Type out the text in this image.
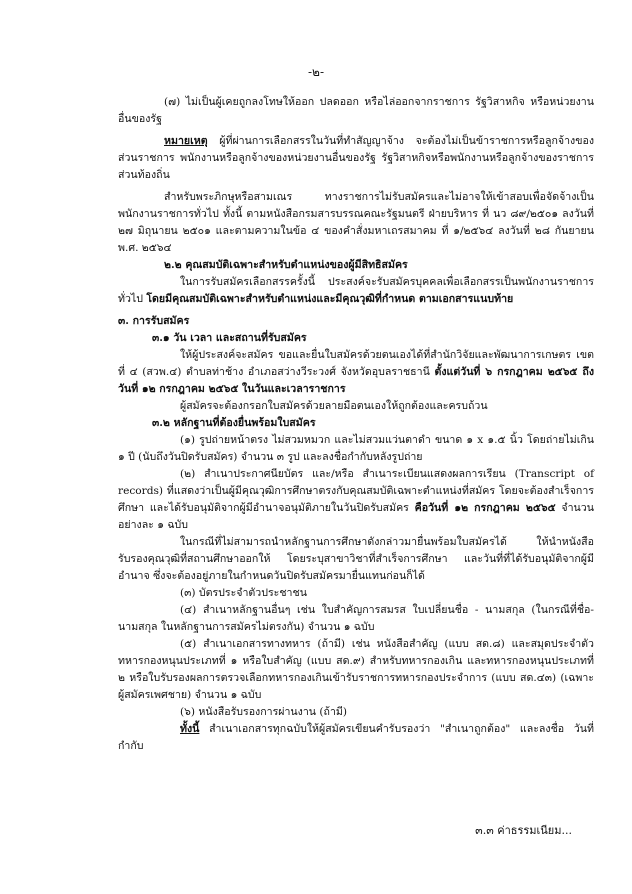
-๒-
(๗) ไม่เป็นผู้เคยถูกลงโทษให้ออก ปลดออก หรือไล่ออกจากราชการ รัฐวิสาหกิจ หรือหน่วยงานอื่นของรัฐ
หมายเหตุ ผู้ที่ผ่านการเลือกสรรในวันที่ทำสัญญาจ้าง จะต้องไม่เป็นข้าราชการหรือลูกจ้างของส่วนราชการ พนักงานหรือลูกจ้างของหน่วยงานอื่นของรัฐ รัฐวิสาหกิจหรือพนักงานหรือลูกจ้างของราชการส่วนท้องถิ่น
สำหรับพระภิกษุหรือสามเณร ทางราชการไม่รับสมัครและไม่อาจให้เข้าสอบเพื่อจัดจ้างเป็นพนักงานราชการทั่วไป ทั้งนี้ ตามหนังสือกรมสารบรรณคณะรัฐมนตรี ฝ่ายบริหาร ที่ นว ๘๙/๒๕๐๑ ลงวันที่ ๒๗ มิถุนายน ๒๕๐๑ และตามความในข้อ ๔ ของคำสั่งมหาเถรสมาคม ที่ ๑/๒๕๖๔ ลงวันที่ ๒๘ กันยายน พ.ศ. ๒๕๖๔
๒.๒ คุณสมบัติเฉพาะสำหรับตำแหน่งของผู้มีสิทธิสมัคร
ในการรับสมัครเลือกสรรครั้งนี้ ประสงค์จะรับสมัครบุคคลเพื่อเลือกสรรเป็นพนักงานราชการทั่วไป โดยมีคุณสมบัติเฉพาะสำหรับตำแหน่งและมีคุณวุฒิที่กำหนด ตามเอกสารแนบท้าย
๓. การรับสมัคร
๓.๑ วัน เวลา และสถานที่รับสมัคร
ให้ผู้ประสงค์จะสมัคร ขอและยื่นใบสมัครด้วยตนเองได้ที่สำนักวิจัยและพัฒนาการเกษตร เขตที่ ๔ (สวพ.๔) ตำบลท่าช้าง อำเภอสว่างวีระวงศ์ จังหวัดอุบลราชธานี ตั้งแต่วันที่ ๖ กรกฎาคม ๒๕๖๕ ถึงวันที่ ๑๒ กรกฎาคม ๒๕๖๕ ในวันและเวลาราชการ
ผู้สมัครจะต้องกรอกใบสมัครด้วยลายมือตนเองให้ถูกต้องและครบถ้วน
๓.๒ หลักฐานที่ต้องยื่นพร้อมใบสมัคร
(๑) รูปถ่ายหน้าตรง ไม่สวมหมวก และไม่สวมแว่นตาดำ ขนาด ๑ x ๑.๕ นิ้ว โดยถ่ายไม่เกิน ๑ ปี (นับถึงวันปิดรับสมัคร) จำนวน ๓ รูป และลงชื่อกำกับหลังรูปถ่าย
(๒) สำเนาประกาศนียบัตร และ/หรือ สำเนาระเบียนแสดงผลการเรียน (Transcript of records) ที่แสดงว่าเป็นผู้มีคุณวุฒิการศึกษาตรงกับคุณสมบัติเฉพาะตำแหน่งที่สมัคร โดยจะต้องสำเร็จการศึกษา และได้รับอนุมัติจากผู้มีอำนาจอนุมัติภายในวันปิดรับสมัคร คือวันที่ ๑๒ กรกฎาคม ๒๕๖๕ จำนวนอย่างละ ๑ ฉบับ
ในกรณีที่ไม่สามารถนำหลักฐานการศึกษาดังกล่าวมายื่นพร้อมใบสมัครได้ ให้นำหนังสือรับรองคุณวุฒิที่สถานศึกษาออกให้ โดยระบุสาขาวิชาที่สำเร็จการศึกษา และวันที่ที่ได้รับอนุมัติจากผู้มีอำนาจ ซึ่งจะต้องอยู่ภายในกำหนดวันปิดรับสมัครมายื่นแทนก่อนก็ได้
(๓) บัตรประจำตัวประชาชน
(๔) สำเนาหลักฐานอื่นๆ เช่น ใบสำคัญการสมรส ใบเปลี่ยนชื่อ - นามสกุล (ในกรณีที่ชื่อ- นามสกุล ในหลักฐานการสมัครไม่ตรงกัน) จำนวน ๑ ฉบับ
(๕) สำเนาเอกสารทางทหาร (ถ้ามี) เช่น หนังสือสำคัญ (แบบ สด.๘) และสมุดประจำตัวทหารกองหนุนประเภทที่ ๑ หรือใบสำคัญ (แบบ สด.๙) สำหรับทหารกองเกิน และทหารกองหนุนประเภทที่ ๒ หรือใบรับรองผลการตรวจเลือกทหารกองเกินเข้ารับราชการทหารกองประจำการ (แบบ สด.๔๓) (เฉพาะผู้สมัครเพศชาย) จำนวน ๑ ฉบับ
(๖) หนังสือรับรองการผ่านงาน (ถ้ามี)
ทั้งนี้ สำเนาเอกสารทุกฉบับให้ผู้สมัครเขียนคำรับรองว่า "สำเนาถูกต้อง" และลงชื่อ วันที่ กำกับ
๓.๓ ค่าธรรมเนียม...
